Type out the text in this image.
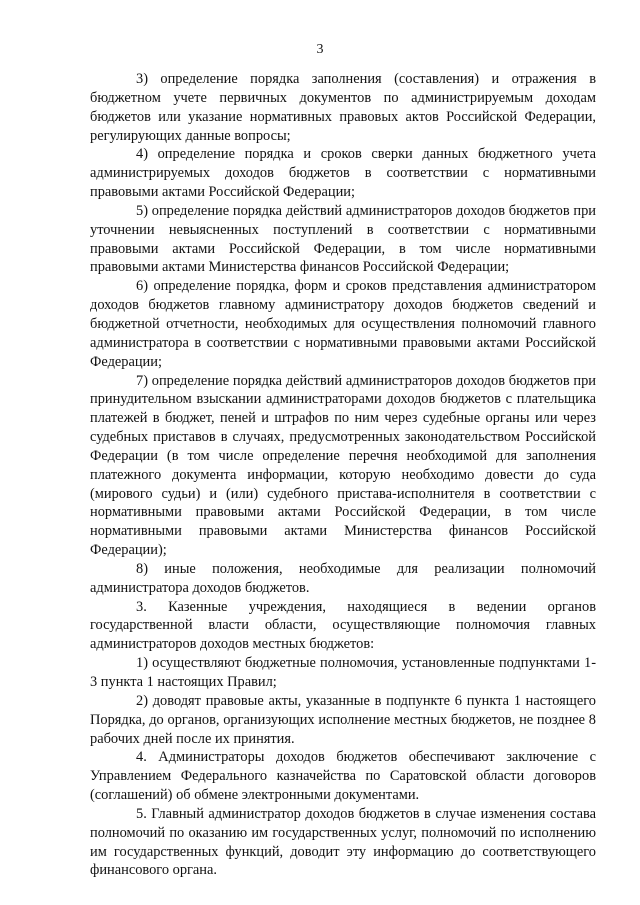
3

3) определение порядка заполнения (составления) и отражения в бюджетном учете первичных документов по администрируемым доходам бюджетов или указание нормативных правовых актов Российской Федерации, регулирующих данные вопросы;

4) определение порядка и сроков сверки данных бюджетного учета администрируемых доходов бюджетов в соответствии с нормативными правовыми актами Российской Федерации;

5) определение порядка действий администраторов доходов бюджетов при уточнении невыясненных поступлений в соответствии с нормативными правовыми актами Российской Федерации, в том числе нормативными правовыми актами Министерства финансов Российской Федерации;

6) определение порядка, форм и сроков представления администратором доходов бюджетов главному администратору доходов бюджетов сведений и бюджетной отчетности, необходимых для осуществления полномочий главного администратора в соответствии с нормативными правовыми актами Российской Федерации;

7) определение порядка действий администраторов доходов бюджетов при принудительном взыскании администраторами доходов бюджетов с плательщика платежей в бюджет, пеней и штрафов по ним через судебные органы или через судебных приставов в случаях, предусмотренных законодательством Российской Федерации (в том числе определение перечня необходимой для заполнения платежного документа информации, которую необходимо довести до суда (мирового судьи) и (или) судебного пристава-исполнителя в соответствии с нормативными правовыми актами Российской Федерации, в том числе нормативными правовыми актами Министерства финансов Российской Федерации);

8) иные положения, необходимые для реализации полномочий администратора доходов бюджетов.

3. Казенные учреждения, находящиеся в ведении органов государственной власти области, осуществляющие полномочия главных администраторов доходов местных бюджетов:

1) осуществляют бюджетные полномочия, установленные подпунктами 1-3 пункта 1 настоящих Правил;

2) доводят правовые акты, указанные в подпункте 6 пункта 1 настоящего Порядка, до органов, организующих исполнение местных бюджетов, не позднее 8 рабочих дней после их принятия.

4. Администраторы доходов бюджетов обеспечивают заключение с Управлением Федерального казначейства по Саратовской области договоров (соглашений) об обмене электронными документами.

5. Главный администратор доходов бюджетов в случае изменения состава полномочий по оказанию им государственных услуг, полномочий по исполнению им государственных функций, доводит эту информацию до соответствующего финансового органа.
